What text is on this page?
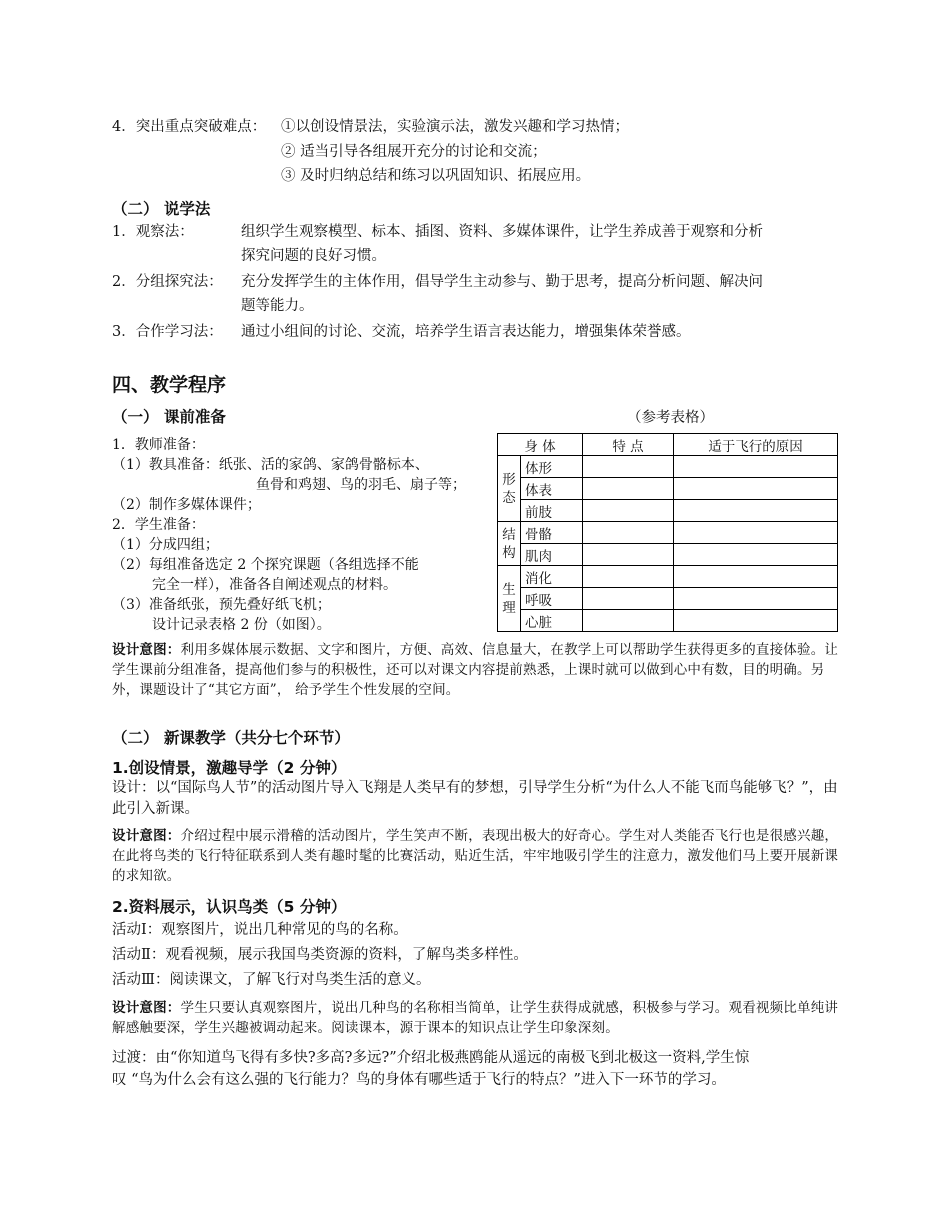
4．突出重点突破难点： ①以创设情景法，实验演示法，激发兴趣和学习热情；
② 适当引导各组展开充分的讨论和交流；
③ 及时归纳总结和练习以巩固知识、拓展应用。
（二） 说学法
1．观察法：	组织学生观察模型、标本、插图、资料、多媒体课件，让学生养成善于观察和分析
探究问题的良好习惯。
2．分组探究法： 充分发挥学生的主体作用，倡导学生主动参与、勤于思考，提高分析问题、解决问
题等能力。
3．合作学习法： 通过小组间的讨论、交流，培养学生语言表达能力，增强集体荣誉感。
四、教学程序
（一） 课前准备	（参考表格）
1．教师准备：
（1）教具准备：纸张、活的家鸽、家鸽骨骼标本、
鱼骨和鸡翅、鸟的羽毛、扇子等；
（2）制作多媒体课件；
2．学生准备：
（1）分成四组；
（2）每组准备选定 2 个探究课题（各组选择不能
完全一样），准备各自阐述观点的材料。
（3）准备纸张，预先叠好纸飞机；
设计记录表格 2 份（如图）。
身 体		特 点	适于飞行的原因
形态	体形		
	体表		
	前肢		
结构	骨骼		
	肌肉		
生理	消化		
	呼吸		
	心脏		
设计意图：利用多媒体展示数据、文字和图片，方便、高效、信息量大，在教学上可以帮助学生获得更多的直接体验。让学生课前分组准备，提高他们参与的积极性，还可以对课文内容提前熟悉，上课时就可以做到心中有数，目的明确。另外，课题设计了“其它方面”， 给予学生个性发展的空间。
（二） 新课教学（共分七个环节）
1.创设情景，激趣导学（2 分钟）
设计：以“国际鸟人节”的活动图片导入飞翔是人类早有的梦想，引导学生分析“为什么人不能飞而鸟能够飞？”，由此引入新课。
设计意图：介绍过程中展示滑稽的活动图片，学生笑声不断，表现出极大的好奇心。学生对人类能否飞行也是很感兴趣，在此将鸟类的飞行特征联系到人类有趣时髦的比赛活动，贴近生活，牢牢地吸引学生的注意力，激发他们马上要开展新课的求知欲。
2.资料展示，认识鸟类（5 分钟）
活动Ⅰ：观察图片，说出几种常见的鸟的名称。
活动Ⅱ：观看视频，展示我国鸟类资源的资料，了解鸟类多样性。
活动Ⅲ：阅读课文，了解飞行对鸟类生活的意义。
设计意图：学生只要认真观察图片，说出几种鸟的名称相当简单，让学生获得成就感，积极参与学习。观看视频比单纯讲解感触要深，学生兴趣被调动起来。阅读课本，源于课本的知识点让学生印象深刻。
过渡：由“你知道鸟飞得有多快?多高?多远?”介绍北极燕鸥能从遥远的南极飞到北极这一资料,学生惊
叹 “鸟为什么会有这么强的飞行能力？鸟的身体有哪些适于飞行的特点？”进入下一环节的学习。
